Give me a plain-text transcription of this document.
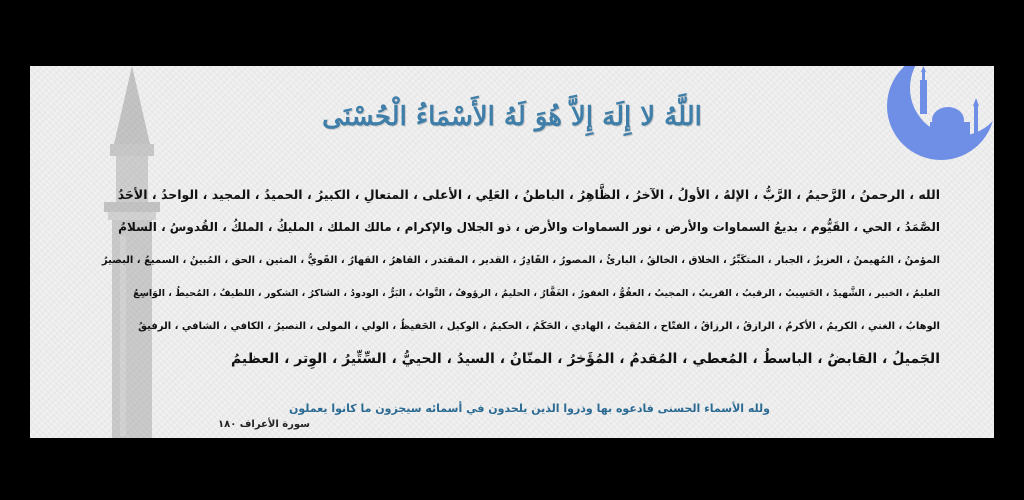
اللَّهُ لا إِلَهَ إِلاَّ هُوَ لَهُ الأَسْمَاءُ الْحُسْنَى
الله ، الرحمنُ ، الرَّحيمُ ، الرَّبُّ ، الإلهُ ، الأولُ ، الآخرُ ، الظَّاهِرُ ، الباطنُ ، العَلِي ، الأعلى ، المتعالِ ، الكبيرُ ، الحميدُ ، المجيد ، الواحدُ ، الأحَدُ
الصَّمَدُ ، الحي ، القَيُّوم ، بديعُ السماوات والأرض ، نور السماوات والأرض ، ذو الجلال والإكرام ، مالك الملك ، المليكُ ، الملكُ ، القُدوسُ ، السلامُ
المؤمنُ ، المُهيمنُ ، العزيزُ ، الجبار ، المتكَبِّرُ ، الخلاق ، الخالقُ ، البارئُ ، المصورُ ، القَادِرُ ، القدير ، المقتدر ، القاهرُ ، القهارُ ، القَويُّ ، المتين ، الحق ، المُبينُ ، السميعُ ، البصيرُ
العليمُ ، الخبير ، الشَّهيدُ ، الحَسِيبُ ، الرقيبُ ، القريبُ ، المجيبُ ، العفُوُّ ، الغفورُ ، الغَفَّارُ ، الحليمُ ، الرؤوفُ ، التَّوابُ ، البَرُّ ، الودودُ ، الشاكرُ ، الشكور ، اللطيفُ ، المُحيطُ ، الوَاسِعُ
الوهابُ ، الغني ، الكريمُ ، الأكرمُ ، الرازقُ ، الرزاقُ ، الفتّاح ، المُقيتُ ، الهادي ، الحَكَمُ ، الحكيمُ ، الوكيل ، الحَفيظُ ، الولي ، المولى ، النصيرُ ، الكافي ، الشافي ، الرفيقُ
الجَميلُ ، القابضُ ، الباسطُ ، المُعطي ، المُقدمُ ، المُؤَخرُ ، المنّانُ ، السيدُ ، الحييُّ ، السِّتِّيرُ ، الوِتر ، العظيمُ
ولله الأسماء الحسنى فادعوه بها وذروا الذين يلحدون في أسمائه سيجزون ما كانوا يعملون
سورة الأعراف ١٨٠
